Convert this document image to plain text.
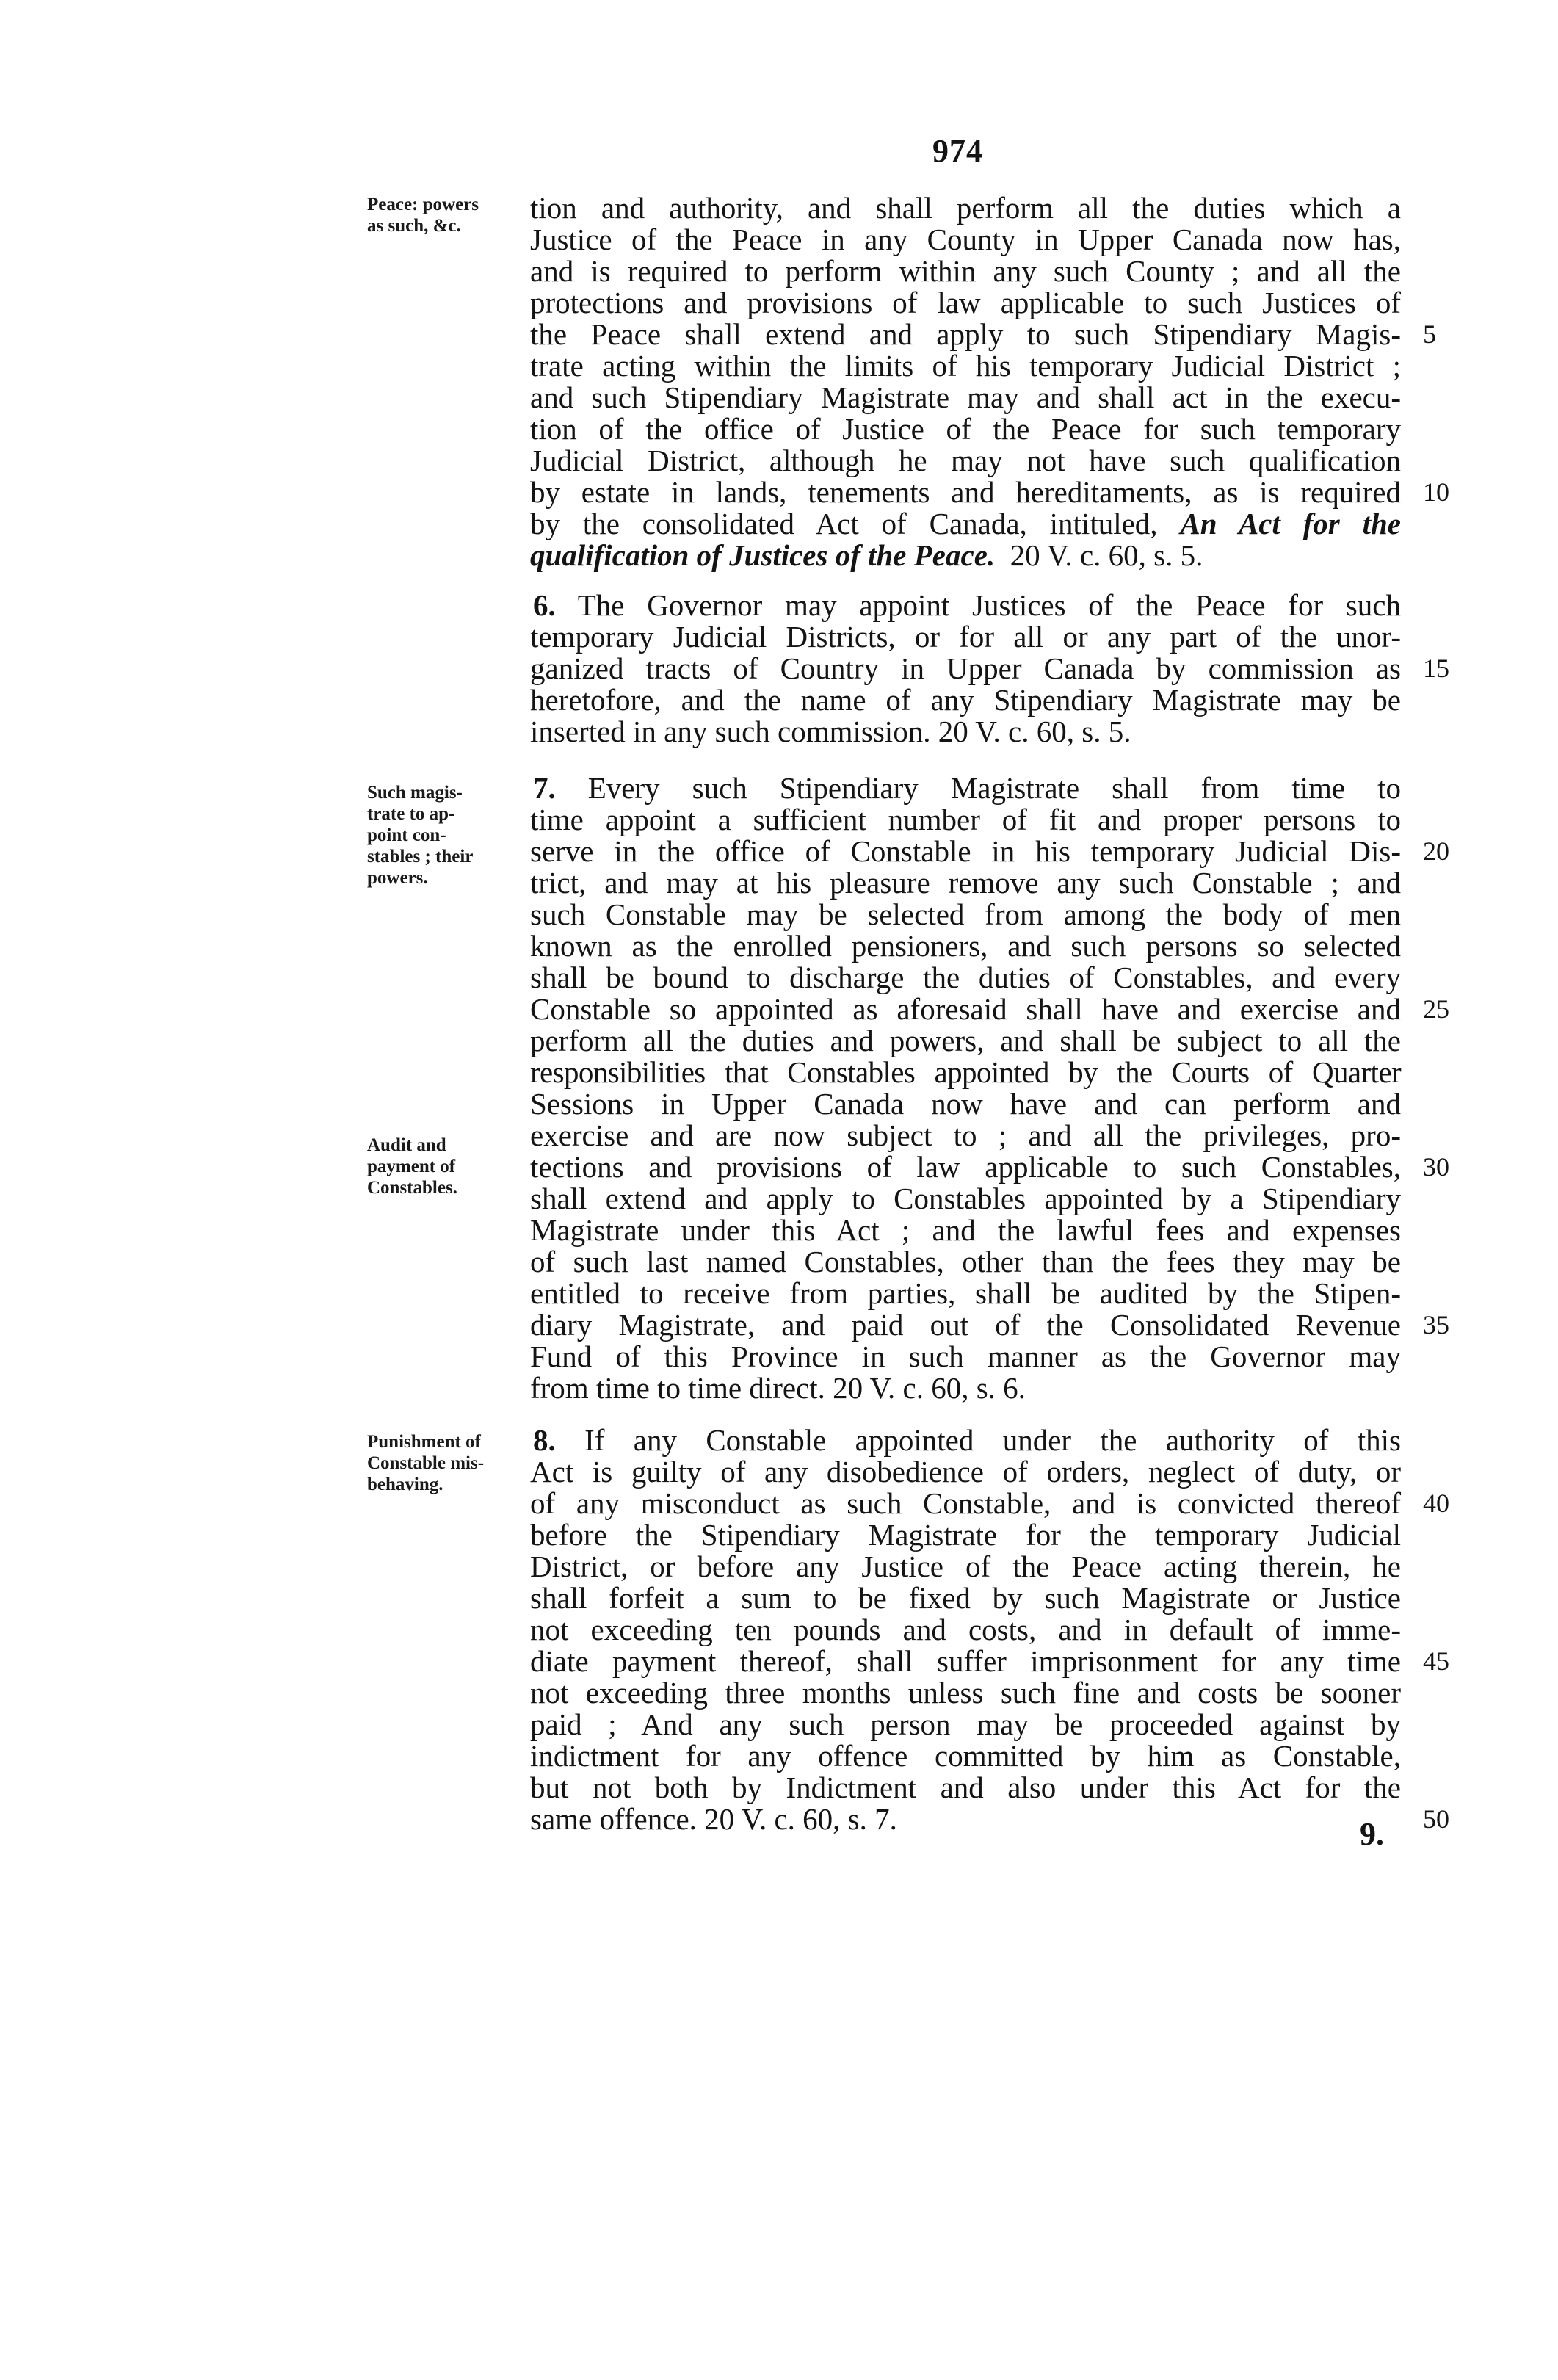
974
Peace: powers
as such, &c.
Such magis-
trate to ap-
point con-
stables ; their
powers.
Audit and
payment of
Constables.
Punishment of
Constable mis-
behaving.
tion and authority, and shall perform all the duties which a
Justice of the Peace in any County in Upper Canada now has,
and is required to perform within any such County ; and all the
protections and provisions of law applicable to such Justices of
the Peace shall extend and apply to such Stipendiary Magis-
trate acting within the limits of his temporary Judicial District ;
and such Stipendiary Magistrate may and shall act in the execu-
tion of the office of Justice of the Peace for such temporary
Judicial District, although he may not have such qualification
by estate in lands, tenements and hereditaments, as is required
by the consolidated Act of Canada, intituled, An Act for the
qualification of Justices of the Peace. 20 V. c. 60, s. 5.
6. The Governor may appoint Justices of the Peace for such
temporary Judicial Districts, or for all or any part of the unor-
ganized tracts of Country in Upper Canada by commission as
heretofore, and the name of any Stipendiary Magistrate may be
inserted in any such commission. 20 V. c. 60, s. 5.
7. Every such Stipendiary Magistrate shall from time to
time appoint a sufficient number of fit and proper persons to
serve in the office of Constable in his temporary Judicial Dis-
trict, and may at his pleasure remove any such Constable ; and
such Constable may be selected from among the body of men
known as the enrolled pensioners, and such persons so selected
shall be bound to discharge the duties of Constables, and every
Constable so appointed as aforesaid shall have and exercise and
perform all the duties and powers, and shall be subject to all the
responsibilities that Constables appointed by the Courts of Quarter
Sessions in Upper Canada now have and can perform and
exercise and are now subject to ; and all the privileges, pro-
tections and provisions of law applicable to such Constables,
shall extend and apply to Constables appointed by a Stipendiary
Magistrate under this Act ; and the lawful fees and expenses
of such last named Constables, other than the fees they may be
entitled to receive from parties, shall be audited by the Stipen-
diary Magistrate, and paid out of the Consolidated Revenue
Fund of this Province in such manner as the Governor may
from time to time direct. 20 V. c. 60, s. 6.
8. If any Constable appointed under the authority of this
Act is guilty of any disobedience of orders, neglect of duty, or
of any misconduct as such Constable, and is convicted thereof
before the Stipendiary Magistrate for the temporary Judicial
District, or before any Justice of the Peace acting therein, he
shall forfeit a sum to be fixed by such Magistrate or Justice
not exceeding ten pounds and costs, and in default of imme-
diate payment thereof, shall suffer imprisonment for any time
not exceeding three months unless such fine and costs be sooner
paid ; And any such person may be proceeded against by
indictment for any offence committed by him as Constable,
but not both by Indictment and also under this Act for the
same offence. 20 V. c. 60, s. 7.
5
10
15
20
25
30
35
40
45
50
9.
